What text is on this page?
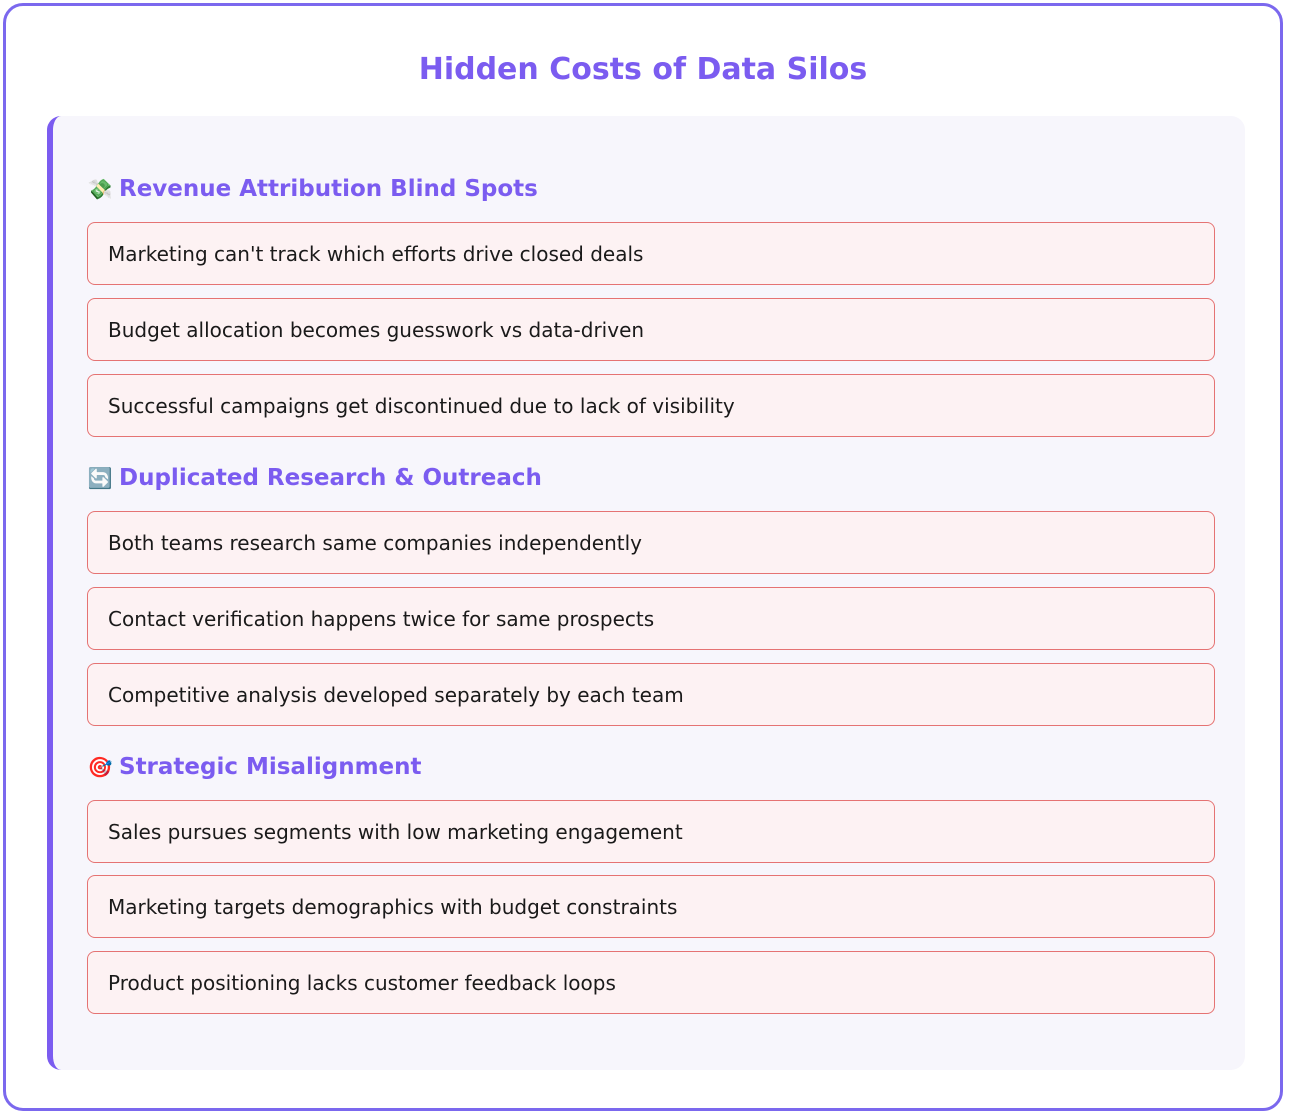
Hidden Costs of Data Silos
💸 Revenue Attribution Blind Spots
Marketing can't track which efforts drive closed deals
Budget allocation becomes guesswork vs data-driven
Successful campaigns get discontinued due to lack of visibility
🔄 Duplicated Research & Outreach
Both teams research same companies independently
Contact verification happens twice for same prospects
Competitive analysis developed separately by each team
🎯 Strategic Misalignment
Sales pursues segments with low marketing engagement
Marketing targets demographics with budget constraints
Product positioning lacks customer feedback loops
